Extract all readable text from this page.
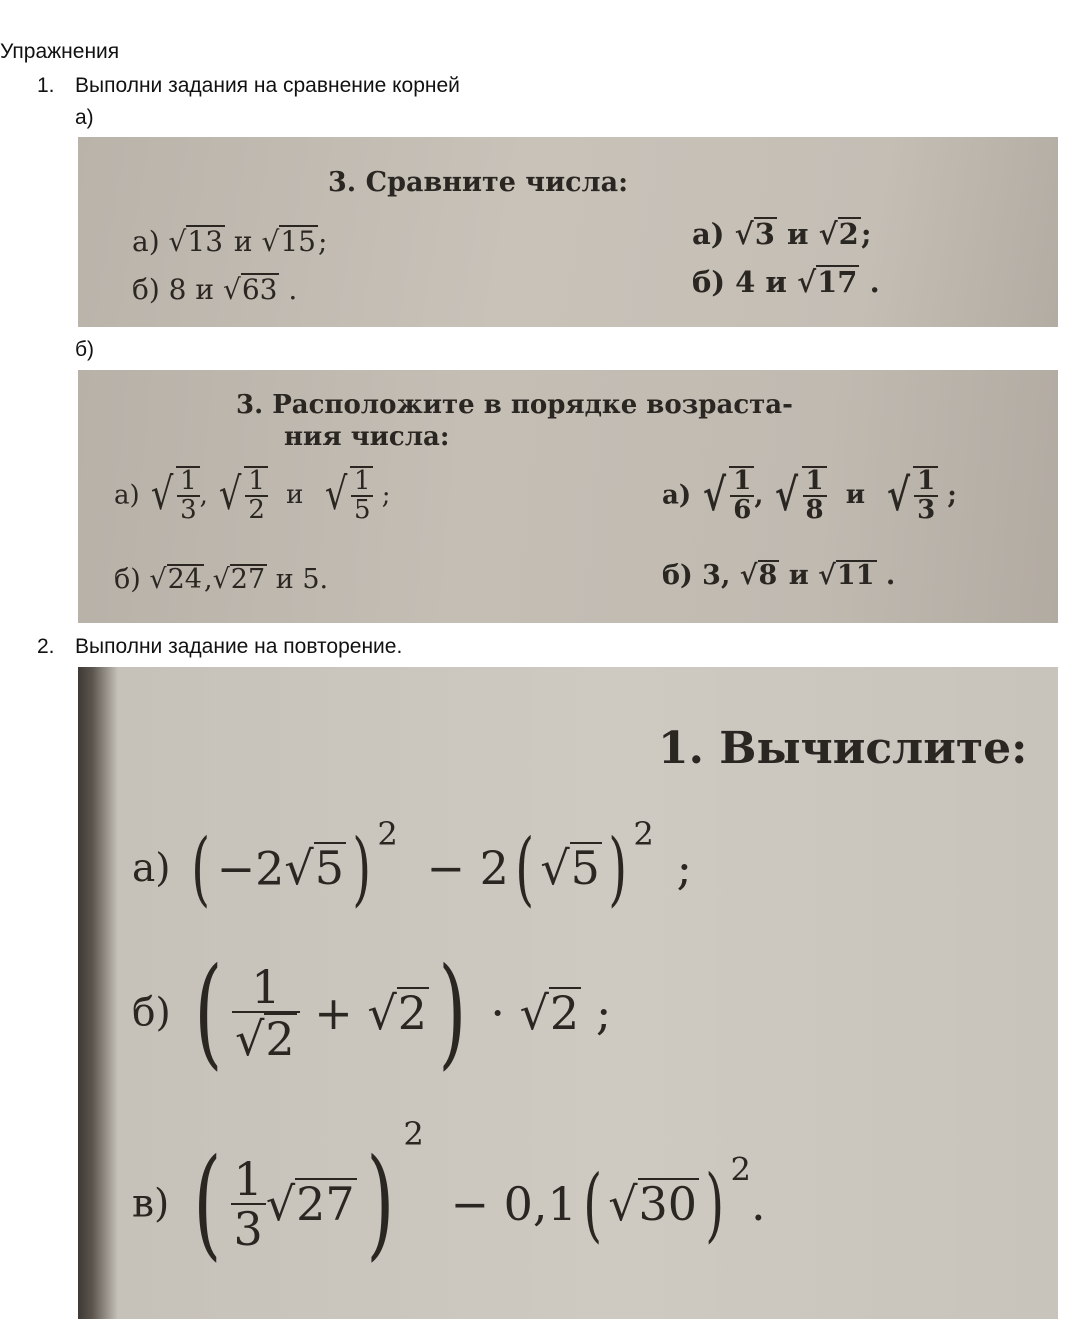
Упражнения
1. Выполни задания на сравнение корней
а)
б)
2. Выполни задание на повторение.
3. Сравните числа:
а) √13 и √15;
б) 8 и √63 .
а) √3 и √2;
б) 4 и √17 .
3. Расположите в порядке возраста-
ния числа:
а) √ $\frac{1}{3}$ , √ $\frac{1}{2}$ и √ $\frac{1}{5}$ ;
б) √24,√27 и 5.
а) √ $\frac{1}{6}$ , √ $\frac{1}{8}$ и √ $\frac{1}{3}$ ;
б) 3, √8 и √11 .
1. Вычислите:
а) ( −2√5 ) $^2$ − 2( √5 ) $^2$ ;
б) ( $\frac{1}{√2} + √2) \cdot √2$ ;
в) ( $\frac{1}{3} √27)^2 - 0,1$( √30 ) $^2$.
